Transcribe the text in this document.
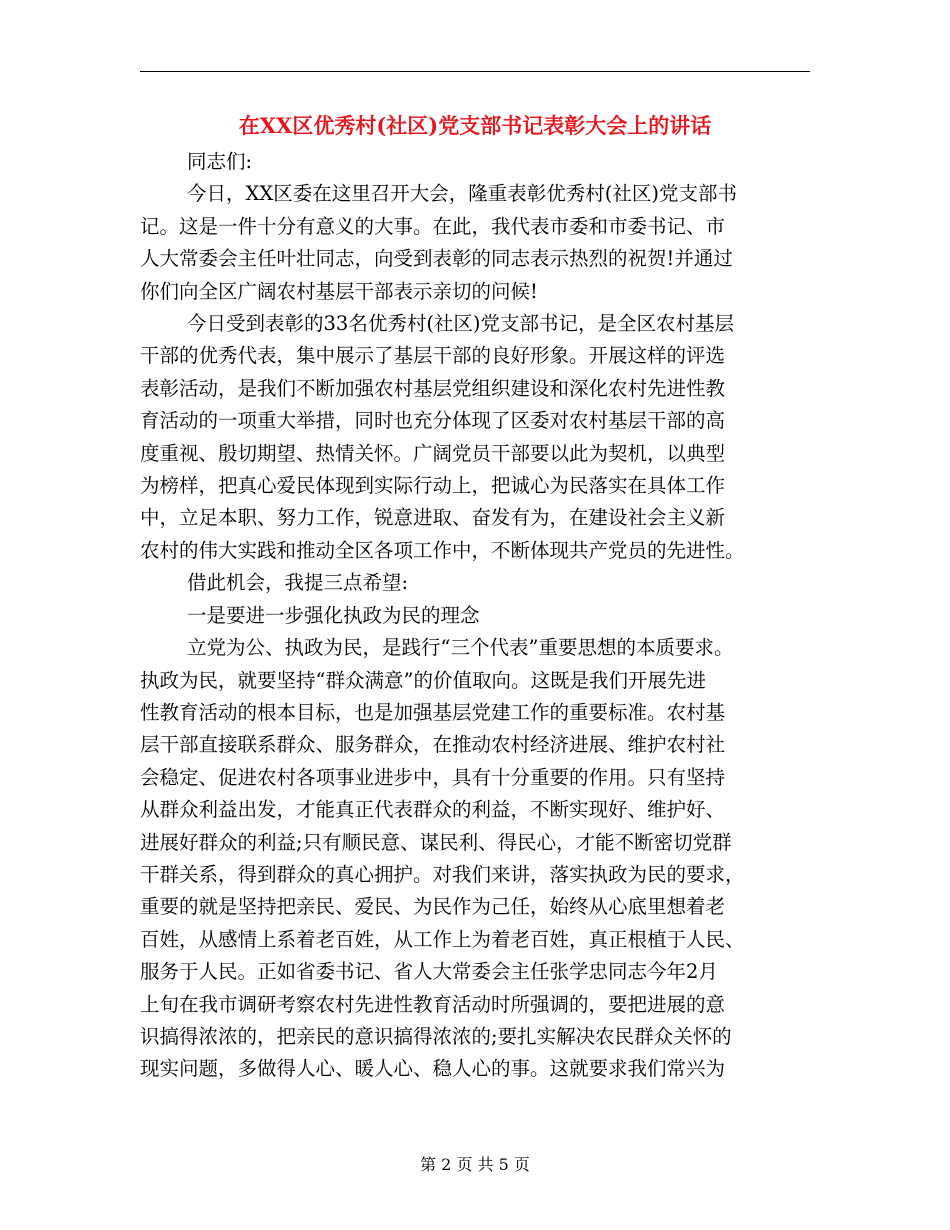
在XX区优秀村(社区)党支部书记表彰大会上的讲话

同志们:

今日，XX区委在这里召开大会，隆重表彰优秀村(社区)党支部书

记。这是一件十分有意义的大事。在此，我代表市委和市委书记、市

人大常委会主任叶壮同志，向受到表彰的同志表示热烈的祝贺!并通过

你们向全区广阔农村基层干部表示亲切的问候!

今日受到表彰的33名优秀村(社区)党支部书记，是全区农村基层

干部的优秀代表，集中展示了基层干部的良好形象。开展这样的评选

表彰活动，是我们不断加强农村基层党组织建设和深化农村先进性教

育活动的一项重大举措，同时也充分体现了区委对农村基层干部的高

度重视、殷切期望、热情关怀。广阔党员干部要以此为契机，以典型

为榜样，把真心爱民体现到实际行动上，把诚心为民落实在具体工作

中，立足本职、努力工作，锐意进取、奋发有为，在建设社会主义新

农村的伟大实践和推动全区各项工作中，不断体现共产党员的先进性。

借此机会，我提三点希望:

一是要进一步强化执政为民的理念

立党为公、执政为民，是践行“三个代表”重要思想的本质要求。

执政为民，就要坚持“群众满意”的价值取向。这既是我们开展先进

性教育活动的根本目标，也是加强基层党建工作的重要标准。农村基

层干部直接联系群众、服务群众，在推动农村经济进展、维护农村社

会稳定、促进农村各项事业进步中，具有十分重要的作用。只有坚持

从群众利益出发，才能真正代表群众的利益，不断实现好、维护好、

进展好群众的利益;只有顺民意、谋民利、得民心，才能不断密切党群

干群关系，得到群众的真心拥护。对我们来讲，落实执政为民的要求，

重要的就是坚持把亲民、爱民、为民作为己任，始终从心底里想着老

百姓，从感情上系着老百姓，从工作上为着老百姓，真正根植于人民、

服务于人民。正如省委书记、省人大常委会主任张学忠同志今年2月

上旬在我市调研考察农村先进性教育活动时所强调的，要把进展的意

识搞得浓浓的，把亲民的意识搞得浓浓的;要扎实解决农民群众关怀的

现实问题，多做得人心、暖人心、稳人心的事。这就要求我们常兴为

第 2 页 共 5 页
